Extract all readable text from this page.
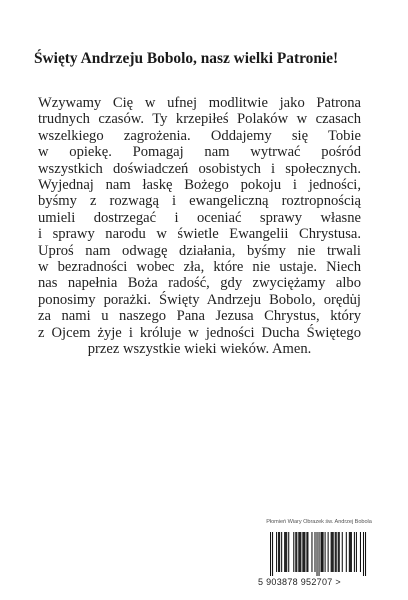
Święty Andrzeju Bobolo, nasz wielki Patronie!
Wzywamy Cię w ufnej modlitwie jako Patrona
trudnych czasów. Ty krzepiłeś Polaków w czasach
wszelkiego zagrożenia. Oddajemy się Tobie
w opiekę. Pomagaj nam wytrwać pośród
wszystkich doświadczeń osobistych i społecznych.
Wyjednaj nam łaskę Bożego pokoju i jedności,
byśmy z rozwagą i ewangeliczną roztropnością
umieli dostrzegać i oceniać sprawy własne
i sprawy narodu w świetle Ewangelii Chrystusa.
Uproś nam odwagę działania, byśmy nie trwali
w bezradności wobec zła, które nie ustaje. Niech
nas napełnia Boża radość, gdy zwyciężamy albo
ponosimy porażki. Święty Andrzeju Bobolo, orędu̇j
za nami u naszego Pana Jezusa Chrystus, który
z Ojcem żyje i króluje w jedności Ducha Świętego
przez wszystkie wieki wieków. Amen.
Płomień Wiary Obrazek św. Andrzej Bobola
5 903878 952707 >
